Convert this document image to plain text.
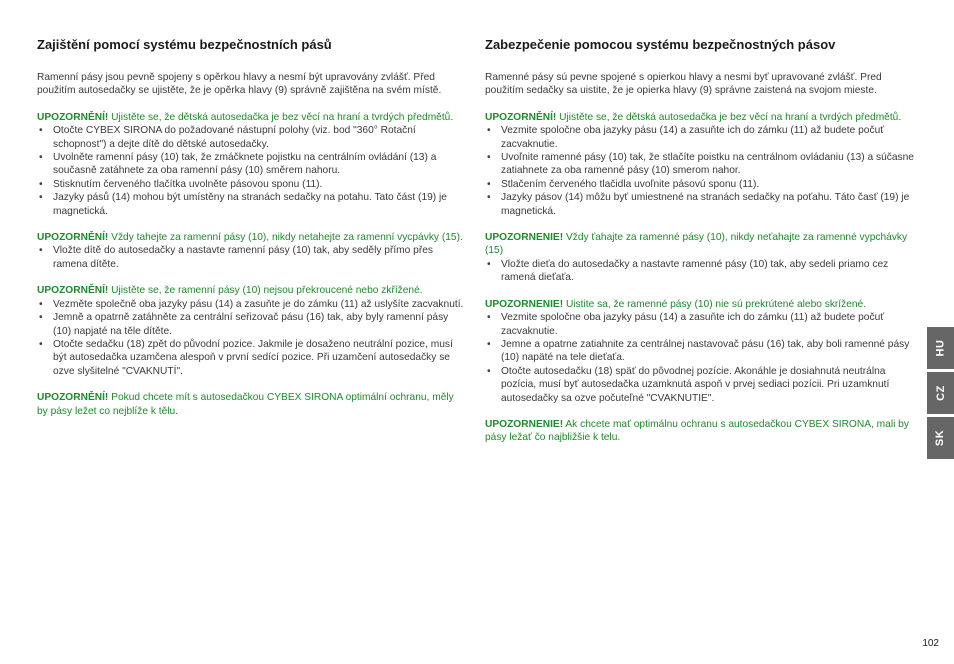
Zajištění pomocí systému bezpečnostních pásů

Ramenní pásy jsou pevně spojeny s opěrkou hlavy a nesmí být upravovány zvlášť. Před použitím autosedačky se ujistěte, že je opěrka hlavy (9) správně zajištěna na svém místě.

UPOZORNĚNÍ! Ujistěte se, že dětská autosedačka je bez věcí na hraní a tvrdých předmětů.

• Otočte CYBEX SIRONA do požadované nástupní polohy (viz. bod "360° Rotační schopnost") a dejte dítě do dětské autosedačky.
• Uvolněte ramenní pásy (10) tak, že zmáčknete pojistku na centrálním ovládání (13) a současně zatáhnete za oba ramenní pásy (10) směrem nahoru.
• Stisknutím červeného tlačítka uvolněte pásovou sponu (11).
• Jazyky pásů (14) mohou být umístěny na stranách sedačky na potahu. Tato část (19) je magnetická.

UPOZORNĚNÍ! Vždy tahejte za ramenní pásy (10), nikdy netahejte za ramenní vycpávky (15).

• Vložte dítě do autosedačky a nastavte ramenní pásy (10) tak, aby seděly přímo přes ramena dítěte.

UPOZORNĚNÍ! Ujistěte se, že ramenní pásy (10) nejsou překroucené nebo zkřížené.

• Vezměte společně oba jazyky pásu (14) a zasuňte je do zámku (11) až uslyšíte zacvaknutí.
• Jemně a opatrně zatáhněte za centrální seřizovač pásu (16) tak, aby byly ramenní pásy (10) napjaté na těle dítěte.
• Otočte sedačku (18) zpět do původní pozice. Jakmile je dosaženo neutrální pozice, musí být autosedačka uzamčena alespoň v první sedící pozice. Při uzamčení autosedačky se ozve slyšitelné "CVAKNUTÍ".

UPOZORNĚNÍ! Pokud chcete mít s autosedačkou CYBEX SIRONA optimální ochranu, měly by pásy ležet co nejblíže k tělu.

Zabezpečenie pomocou systému bezpečnostných pásov

Ramenné pásy sú pevne spojené s opierkou hlavy a nesmi byť upravované zvlášť. Pred použitím sedačky sa uistite, že je opierka hlavy (9) správne zaistená na svojom mieste.

UPOZORNĚNÍ! Ujistěte se, že dětská autosedačka je bez věcí na hraní a tvrdých předmětů.

• Vezmite spoločne oba jazyky pásu (14) a zasuňte ich do zámku (11) až budete počuť zacvaknutie.
• Uvoľnite ramenné pásy (10) tak, že stlačíte poistku na centrálnom ovládaniu (13) a súčasne zatiahnete za oba ramenné pásy (10) smerom nahor.
• Stlačením červeného tlačidla uvoľnite pásovú sponu (11).
• Jazyky pásov (14) môžu byť umiestnené na stranách sedačky na poťahu. Táto časť (19) je magnetická.

UPOZORNENIE! Vždy ťahajte za ramenné pásy (10), nikdy neťahajte za ramenné vypchávky (15)

• Vložte dieťa do autosedačky a nastavte ramenné pásy (10) tak, aby sedeli priamo cez ramená dieťaťa.

UPOZORNENIE! Uistite sa, že ramenné pásy (10) nie sú prekrútené alebo skrížené.

• Vezmite spoločne oba jazyky pásu (14) a zasuňte ich do zámku (11) až budete počuť zacvaknutie.
• Jemne a opatrne zatiahnite za centrálnej nastavovač pásu (16) tak, aby boli ramenné pásy (10) napäté na tele dieťaťa.
• Otočte autosedačku (18) späť do pôvodnej pozície. Akonáhle je dosiahnutá neutrálna pozícia, musí byť autosedačka uzamknutá aspoň v prvej sediaci pozícii. Pri uzamknutí autosedačky sa ozve počuteľné "CVAKNUTIE".

UPOZORNENIE! Ak chcete mať optimálnu ochranu s autosedačkou CYBEX SIRONA, mali by pásy ležať čo najbližšie k telu.

HU
CZ
SK
102
